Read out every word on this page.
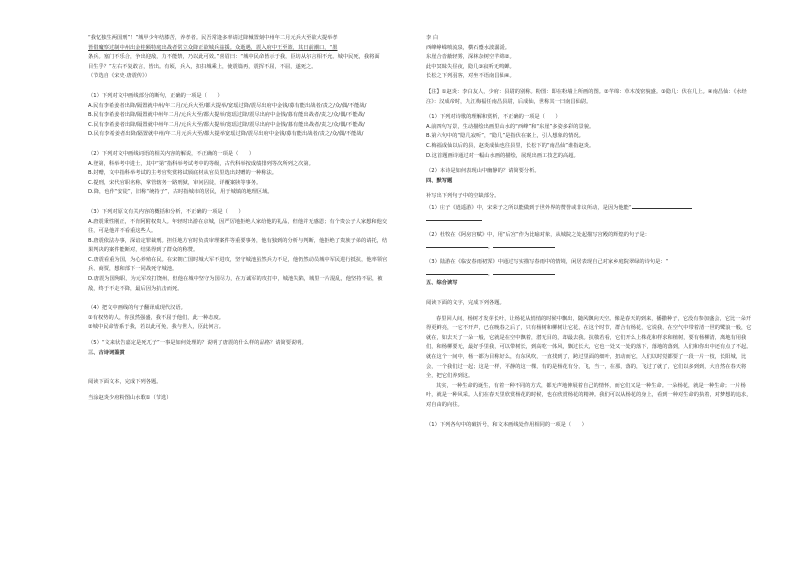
“我忆独生两国刑”！”城甲少年结膝苦，养孝者。民吾常逢多率请过降械置刻中州年二月元兵大至欲大提举孝

皆借魔察过制中州出金桂额特庭出战者常立众降正欲城兵兹援。众逝遇，震入府中王至篮，其日前潮口，“墨

条兵。塞门不乐合，争出迎敌，力不能禁，乃以此可效。”喜眉曰：“城中民命皆示于我，臣坊从尔言相不允。城中民死，我将面

目生乎？”左右不复敢言，皆出。有顷，兵入，扣扫城乘上，使震篇再，震挥不屈，不屈，遂死之。

（节选自《宋史·唐震传》）

（1）下列对文中画线部分的断句，正确的一项是（　　）

A.民有李希姜者出降/隔置就中州/年二月/元兵大至/都大提举/宽瑶过降/震尽出府中金钱/募有能出战者/责之/众/偶/不能战/

B.民有李希姜者出降/隔置就中州年二月/元兵大至/都大提举/宽瑶过降/震尽出府中金钱/募有能出战者/责之/众/偶/不能战/

C.民有李希姜者出降/隔置就中州年二月/元兵大至/都大提举/宽瑶过降/震尽出府中金钱/募有能出战者/责之/众/偶/不能战/

D.民有李希姜者出降/隔置就中州/年二月元兵大至/都大提举宽瑶过降/震尽出府中金钱/募有能出战者/责之/众/偶/不能战/

（2）下列对文中画线词语的相关内容的解说，不正确的一项是（　　）

A.登第，科举考中进士，其中“第”指科举考试考中的等级，古代科举按成绩排列等次所列之次第。

B.封赠，文中指科举考试的主考官奖赏将试颁底材从官员里选出封赠的一种称法。

C.提刑，宋代官职名称，掌管辖务一路刑狱，审问囚徒，详覆案牍等事务。

D.降，也作“安徒”，旧称“统持子”，古时指城市的居民，用于城镇的地理区域。

（3）下列对原文有关内容的概括和分析，不正确的一项是（　　）

A.唐震秉性刚正，不肯阿附权贵人。年轻时出游在京城，因严厉地拒绝人家给他的礼品，但他并无感恩；有个贵公子人家想和他交往，可是他并不看重这些人。

B.唐震依法办事，深谙定罪裁刑。担任地方官时负责审理案件等重要事务，他有独到的分析与判断，他拒绝了贵族子弟的请托，结果判决的案件能断对，结果得到了群众的称赞。

C.唐震看重为国，为心养殖在民。在宋朝亡国时城大军不进攻，坚守城池虽然兵力不足，他仍然动员城中军民进行抵抗，他率领官兵、商贾，想和部下一同战死守城池。

D.唐震为国殉职，为元军攻打饶州，但他在城中坚守为国尽力，在万诚军的攻打中，城池失陷，城里一片混乱，他坚持不屈，被敌，终于不走不降，最后因为抗击而死。

（4）把文中画线的句子翻译成现代汉语。

①有权势的人，你虽然强盛，我不屈于他们，此一种态度。

②城中民命皆系于我，若以此可免，我与世人，臣此何言。

（5）“文来状告嘉定是死兀子”一事是如何处理的？说明了唐震的什么样的品格？请简要说明。

三、古诗词鉴赏

阅读下面文本，完成下列各题。

当涂赵炎少府粉图山水歌①（节选）

李 白

西峰峥嵘喷流泉，横石蹙水波潺湲。

东崖合沓蔽轻雾，深林杂树空芊绵②。

此中冥昧失昼夜，隐几③寂听无鸣蝉。

长松之下列羽客，对坐不语南昌仙④。

【注】①赵炎：李白友人，少府：县尉的别称。粉图：即在粉墙上所画的图。②芊绵：草木茂密貌盛。③隐几：伏在几上。④南昌仙：《水经注》：汉成帝时，九江梅福任南昌县尉，后成仙，世称其一曰南昌仙尉。

（1）下列对诗歌的理解和赏析，不正确的一项是（　　）

A.前四句写景，生动描绘出画里山水的“西峰”和“东崖”多姿多彩的景貌。

B.第六句中的“隐几寂听”，“隐几”是指伏在案上，引人想象的情况。

C.梅福成仙以后的县，赵炎成仙也往县里，长松下的“南昌仙”谁指赵炎。

D.这首题画诗通过对一幅山水画的描绘，展现出画工技艺的高超。

（2）本诗是如何表现山中幽静的？请简要分析。

四、默写题

补写出下列句子中的空缺部分。

（1）庄子《逍遥游》中，宋荣子之所以能做到于世外界的赞誉或非议所动，是因为他能“

（2）杜牧在《阿房宫赋》中，用“后宫”作为比喻对象，从城院之处起描写宫殿的辉煌的句子是：

，

（3）陆游在《临安春雨初霁》中通过写实描写春雨中的情境，闲居表现自己对家乡庭院翠绿的诗句是：“

，

五、综合读写

阅读下面的文字，完成下列各题。

春里回人间，杨树才发芽长叶，让杨花从悄悄的时候中飘出，随风飘向天空。像是春天的到来，播撒种子，它没有参加盛会，它比一朵开得更鲜亮，一它不开声，已在晚春之后了，只有杨树和柳树让它花，在这个时节，群合有杨花，它说我，在空气中带着清一世的鹭浪一般，它就在，如去天了一朵一般，它就是在空中飘着，潜无目的，却最去我。抗敬若看，它们开么上株花和样求和植树，要有杨柳清，离地有用我们，和杨柳要无，最好手里我，可以带树长，到高吃一体风，飘过长大，它也一处又一处的落下，落地的落到，人们和你出中还有点了不起。就在这个一间中，杨一都为目称好么，有东风吹，一直找到了，跨过里面的细叶，扭动而它，人们以时觉都要了一段一片一枝，长阳城，比会，一个我们过一起；这是一样，平静的这一棵，有的是杨花有分，飞，当一，在那，落的，飞过了就了，它们以多到到，大自然在春天将全，把它们养到这。

其实，一种生命的诞生，有着一种不同的方式，都无声地伸展着自己的情怀，而它们又是一种生命。一朵杨花，就是一种生命；一片杨叶，就是一种风采。人们在春天里欣赏杨花的时候，也在欣赏杨花的精神。我们可以从杨花的身上，看到一种对生命的执着，对梦想的追求，对自由的向往。

（1）下列各句中的破折号，和文本画线处作用相同的一项是（　　）
